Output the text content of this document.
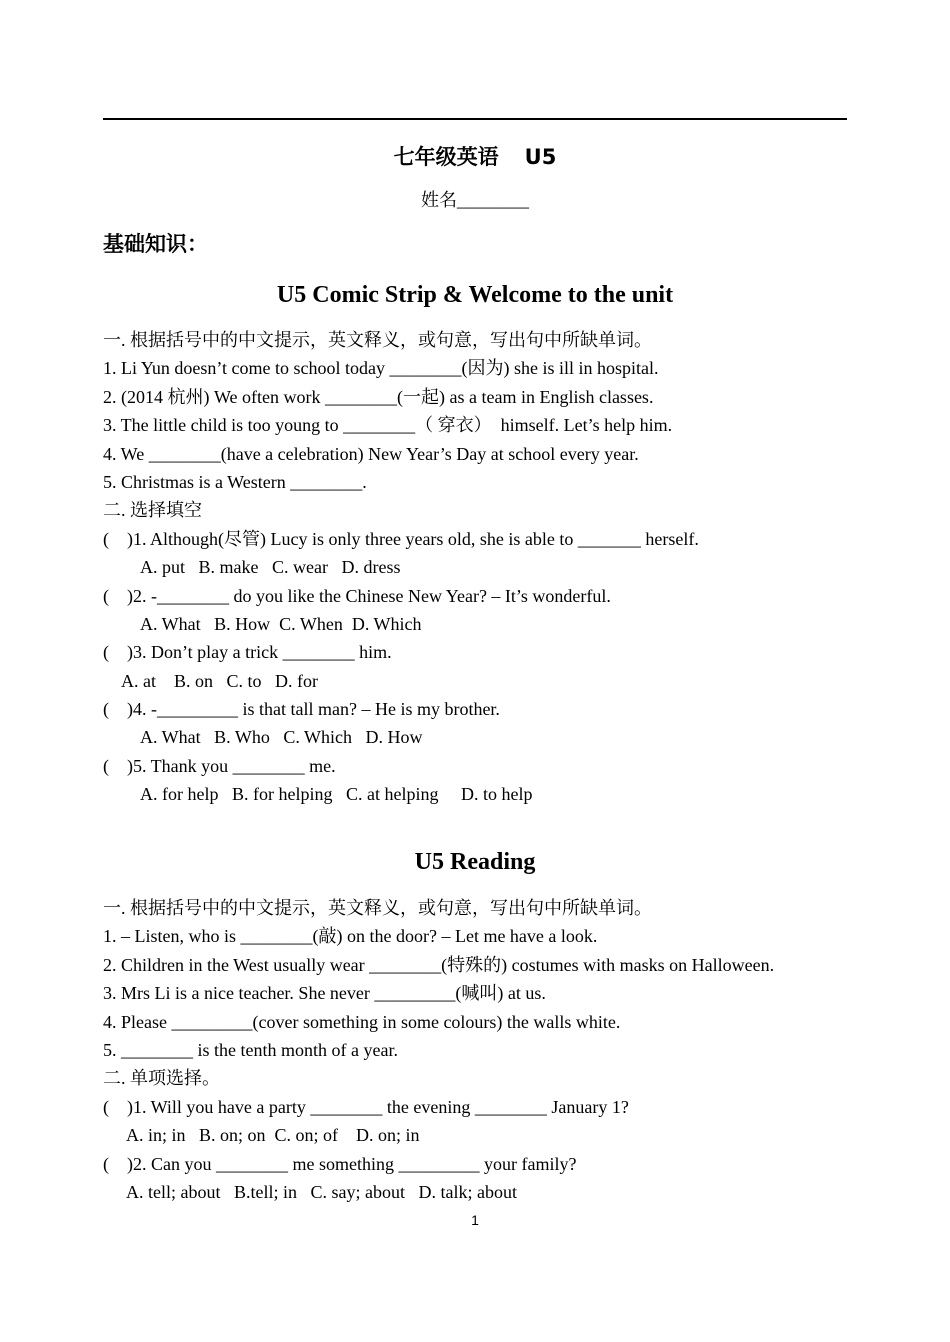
七年级英语 U5
姓名________
基础知识：
U5 Comic Strip & Welcome to the unit
一. 根据括号中的中文提示，英文释义，或句意，写出句中所缺单词。
1. Li Yun doesn’t come to school today ________(因为) she is ill in hospital.
2. (2014 杭州) We often work ________(一起) as a team in English classes.
3. The little child is too young to ________（ 穿衣）  himself. Let’s help him.
4. We ________(have a celebration) New Year’s Day at school every year.
5. Christmas is a Western ________.
二. 选择填空
(    )1. Although(尽管) Lucy is only three years old, she is able to _______ herself.
A. put   B. make   C. wear   D. dress
(    )2. -________ do you like the Chinese New Year? – It’s wonderful.
A. What   B. How  C. When  D. Which
(    )3. Don’t play a trick ________ him.
A. at    B. on   C. to   D. for
(    )4. -_________ is that tall man? – He is my brother.
A. What   B. Who   C. Which   D. How
(    )5. Thank you ________ me.
A. for help   B. for helping   C. at helping     D. to help
U5 Reading
一. 根据括号中的中文提示，英文释义，或句意，写出句中所缺单词。
1. – Listen, who is ________(敲) on the door? – Let me have a look.
2. Children in the West usually wear ________(特殊的) costumes with masks on Halloween.
3. Mrs Li is a nice teacher. She never _________(喊叫) at us.
4. Please _________(cover something in some colours) the walls white.
5. ________ is the tenth month of a year.
二. 单项选择。
(    )1. Will you have a party ________ the evening ________ January 1?
A. in; in   B. on; on  C. on; of    D. on; in
(    )2. Can you ________ me something _________ your family?
A. tell; about   B.tell; in   C. say; about   D. talk; about
1
